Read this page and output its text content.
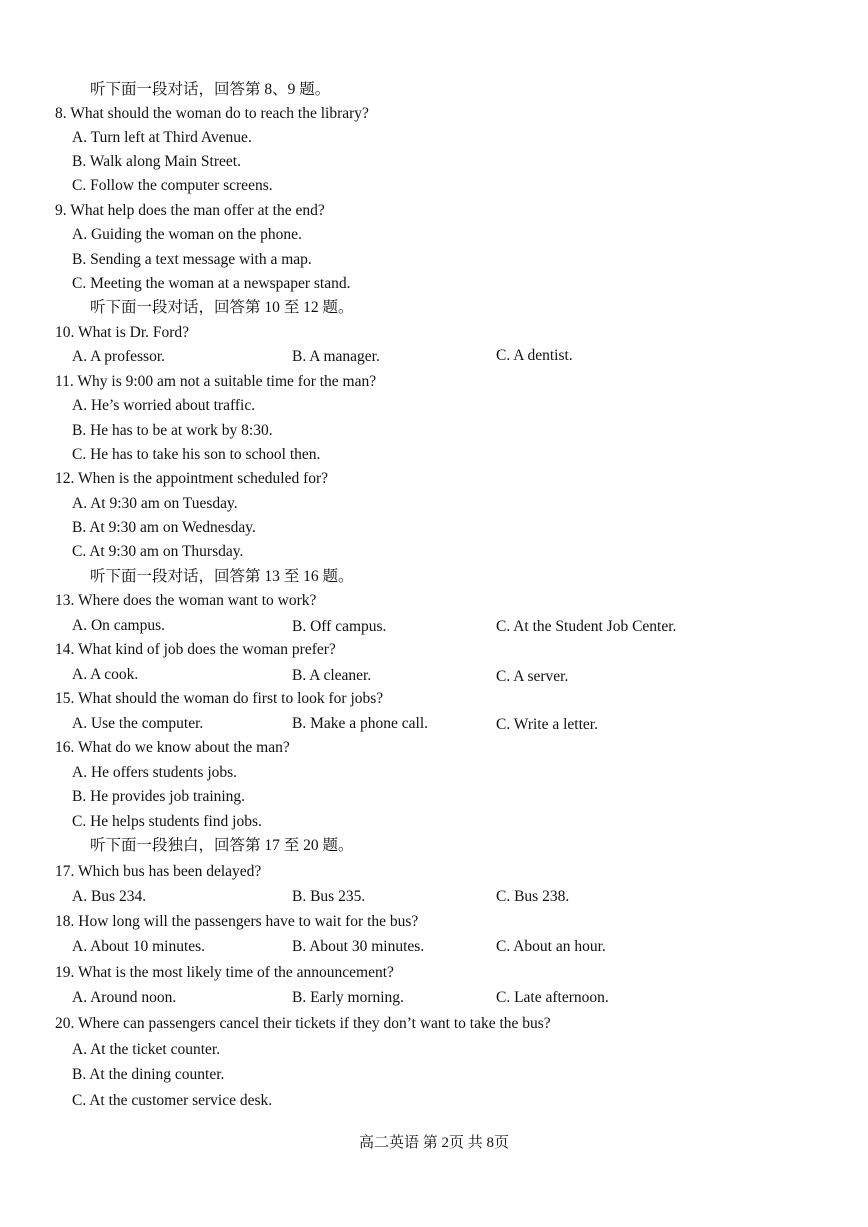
听下面一段对话，回答第 8、9 题。
8. What should the woman do to reach the library?
A. Turn left at Third Avenue.
B. Walk along Main Street.
C. Follow the computer screens.
9. What help does the man offer at the end?
A. Guiding the woman on the phone.
B. Sending a text message with a map.
C. Meeting the woman at a newspaper stand.
听下面一段对话，回答第 10 至 12 题。
10. What is Dr. Ford?
A. A professor.	B. A manager.	C. A dentist.
11. Why is 9:00 am not a suitable time for the man?
A. He’s worried about traffic.
B. He has to be at work by 8:30.
C. He has to take his son to school then.
12. When is the appointment scheduled for?
A. At 9:30 am on Tuesday.
B. At 9:30 am on Wednesday.
C. At 9:30 am on Thursday.
听下面一段对话，回答第 13 至 16 题。
13. Where does the woman want to work?
A. On campus.	B. Off campus.	C. At the Student Job Center.
14. What kind of job does the woman prefer?
A. A cook.	B. A cleaner.	C. A server.
15. What should the woman do first to look for jobs?
A. Use the computer.	B. Make a phone call.	C. Write a letter.
16. What do we know about the man?
A. He offers students jobs.
B. He provides job training.
C. He helps students find jobs.
听下面一段独白，回答第 17 至 20 题。
17. Which bus has been delayed?
A. Bus 234.	B. Bus 235.	C. Bus 238.
18. How long will the passengers have to wait for the bus?
A. About 10 minutes.	B. About 30 minutes.	C. About an hour.
19. What is the most likely time of the announcement?
A. Around noon.	B. Early morning.	C. Late afternoon.
20. Where can passengers cancel their tickets if they don’t want to take the bus?
A. At the ticket counter.
B. At the dining counter.
C. At the customer service desk.
高二英语 第 2页 共 8页
